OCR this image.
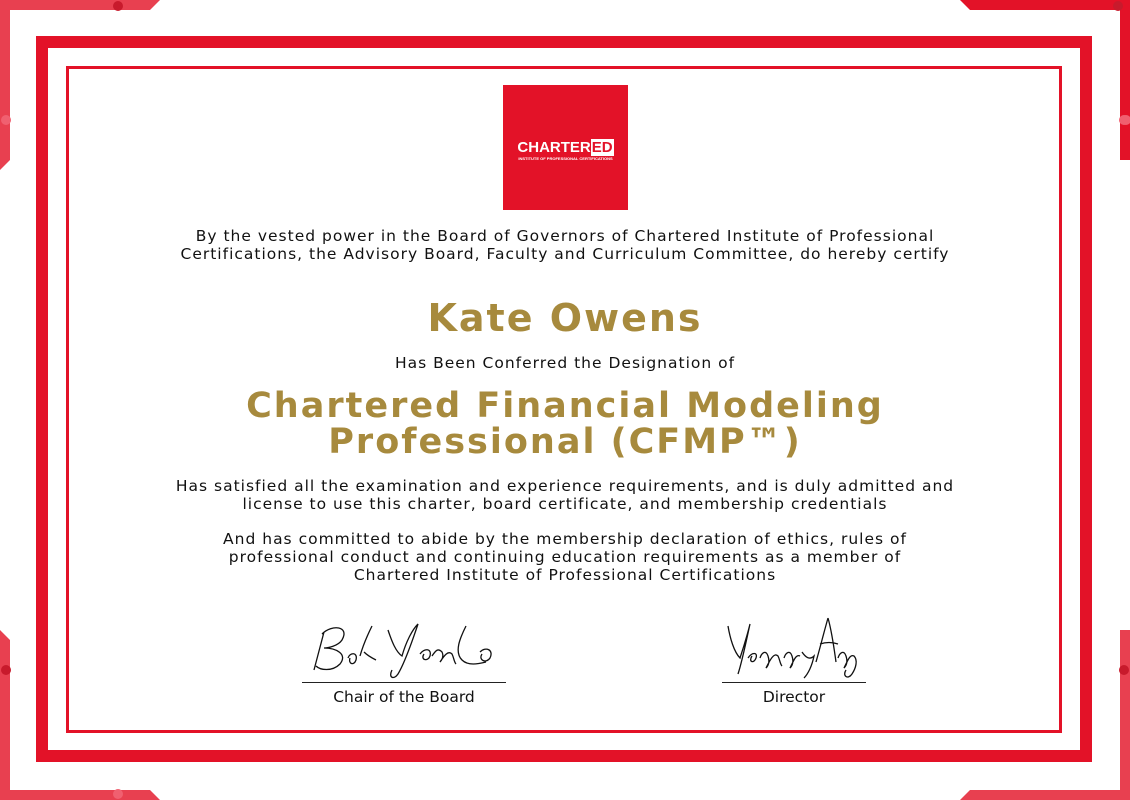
CHARTERED
INSTITUTE OF PROFESSIONAL CERTIFICATIONS
By the vested power in the Board of Governors of Chartered Institute of Professional Certifications, the Advisory Board, Faculty and Curriculum Committee, do hereby certify
Kate Owens
Has Been Conferred the Designation of
Chartered Financial Modeling Professional (CFMP™)
Has satisfied all the examination and experience requirements, and is duly admitted and license to use this charter, board certificate, and membership credentials
And has committed to abide by the membership declaration of ethics, rules of professional conduct and continuing education requirements as a member of Chartered Institute of Professional Certifications
Chair of the Board	Director
